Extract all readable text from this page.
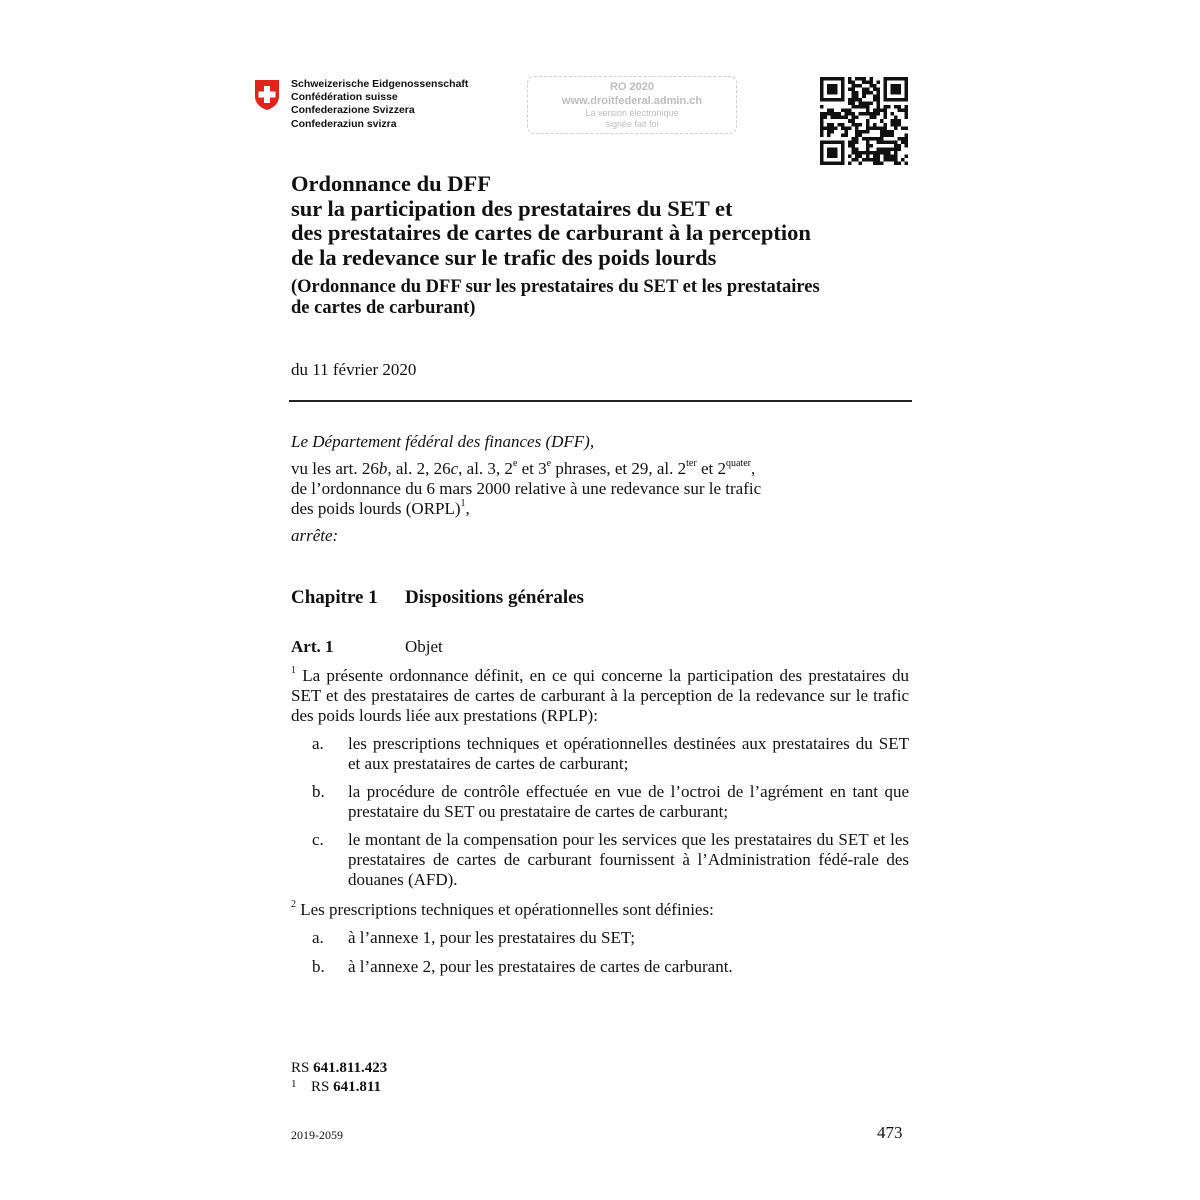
Schweizerische Eidgenossenschaft
Confédération suisse
Confederazione Svizzera
Confederaziun svizra
RO 2020
www.droitfederal.admin.ch
La version électronique
signée fait foi
Ordonnance du DFF
sur la participation des prestataires du SET et
des prestataires de cartes de carburant à la perception
de la redevance sur le trafic des poids lourds
(Ordonnance du DFF sur les prestataires du SET et les prestataires
de cartes de carburant)
du 11 février 2020
Le Département fédéral des finances (DFF),
vu les art. 26b, al. 2, 26c, al. 3, 2e et 3e phrases, et 29, al. $2^{ter}$ et $2^{quater}$,
de l’ordonnance du 6 mars 2000 relative à une redevance sur le trafic
des poids lourds (ORPL)$^1$,
arrête:
Chapitre 1 Dispositions générales
Art. 1	Objet
$^1$ La présente ordonnance définit, en ce qui concerne la participation des prestataires du SET et des prestataires de cartes de carburant à la perception de la redevance sur le trafic des poids lourds liée aux prestations (RPLP):
a. les prescriptions techniques et opérationnelles destinées aux prestataires du SET et aux prestataires de cartes de carburant;
b. la procédure de contrôle effectuée en vue de l’octroi de l’agrément en tant que prestataire du SET ou prestataire de cartes de carburant;
c. le montant de la compensation pour les services que les prestataires du SET et les prestataires de cartes de carburant fournissent à l’Administration fédé-rale des douanes (AFD).
$^2$ Les prescriptions techniques et opérationnelles sont définies:
a. à l’annexe 1, pour les prestataires du SET;
b. à l’annexe 2, pour les prestataires de cartes de carburant.
RS 641.811.423
1 RS 641.811
2019-2059	473
